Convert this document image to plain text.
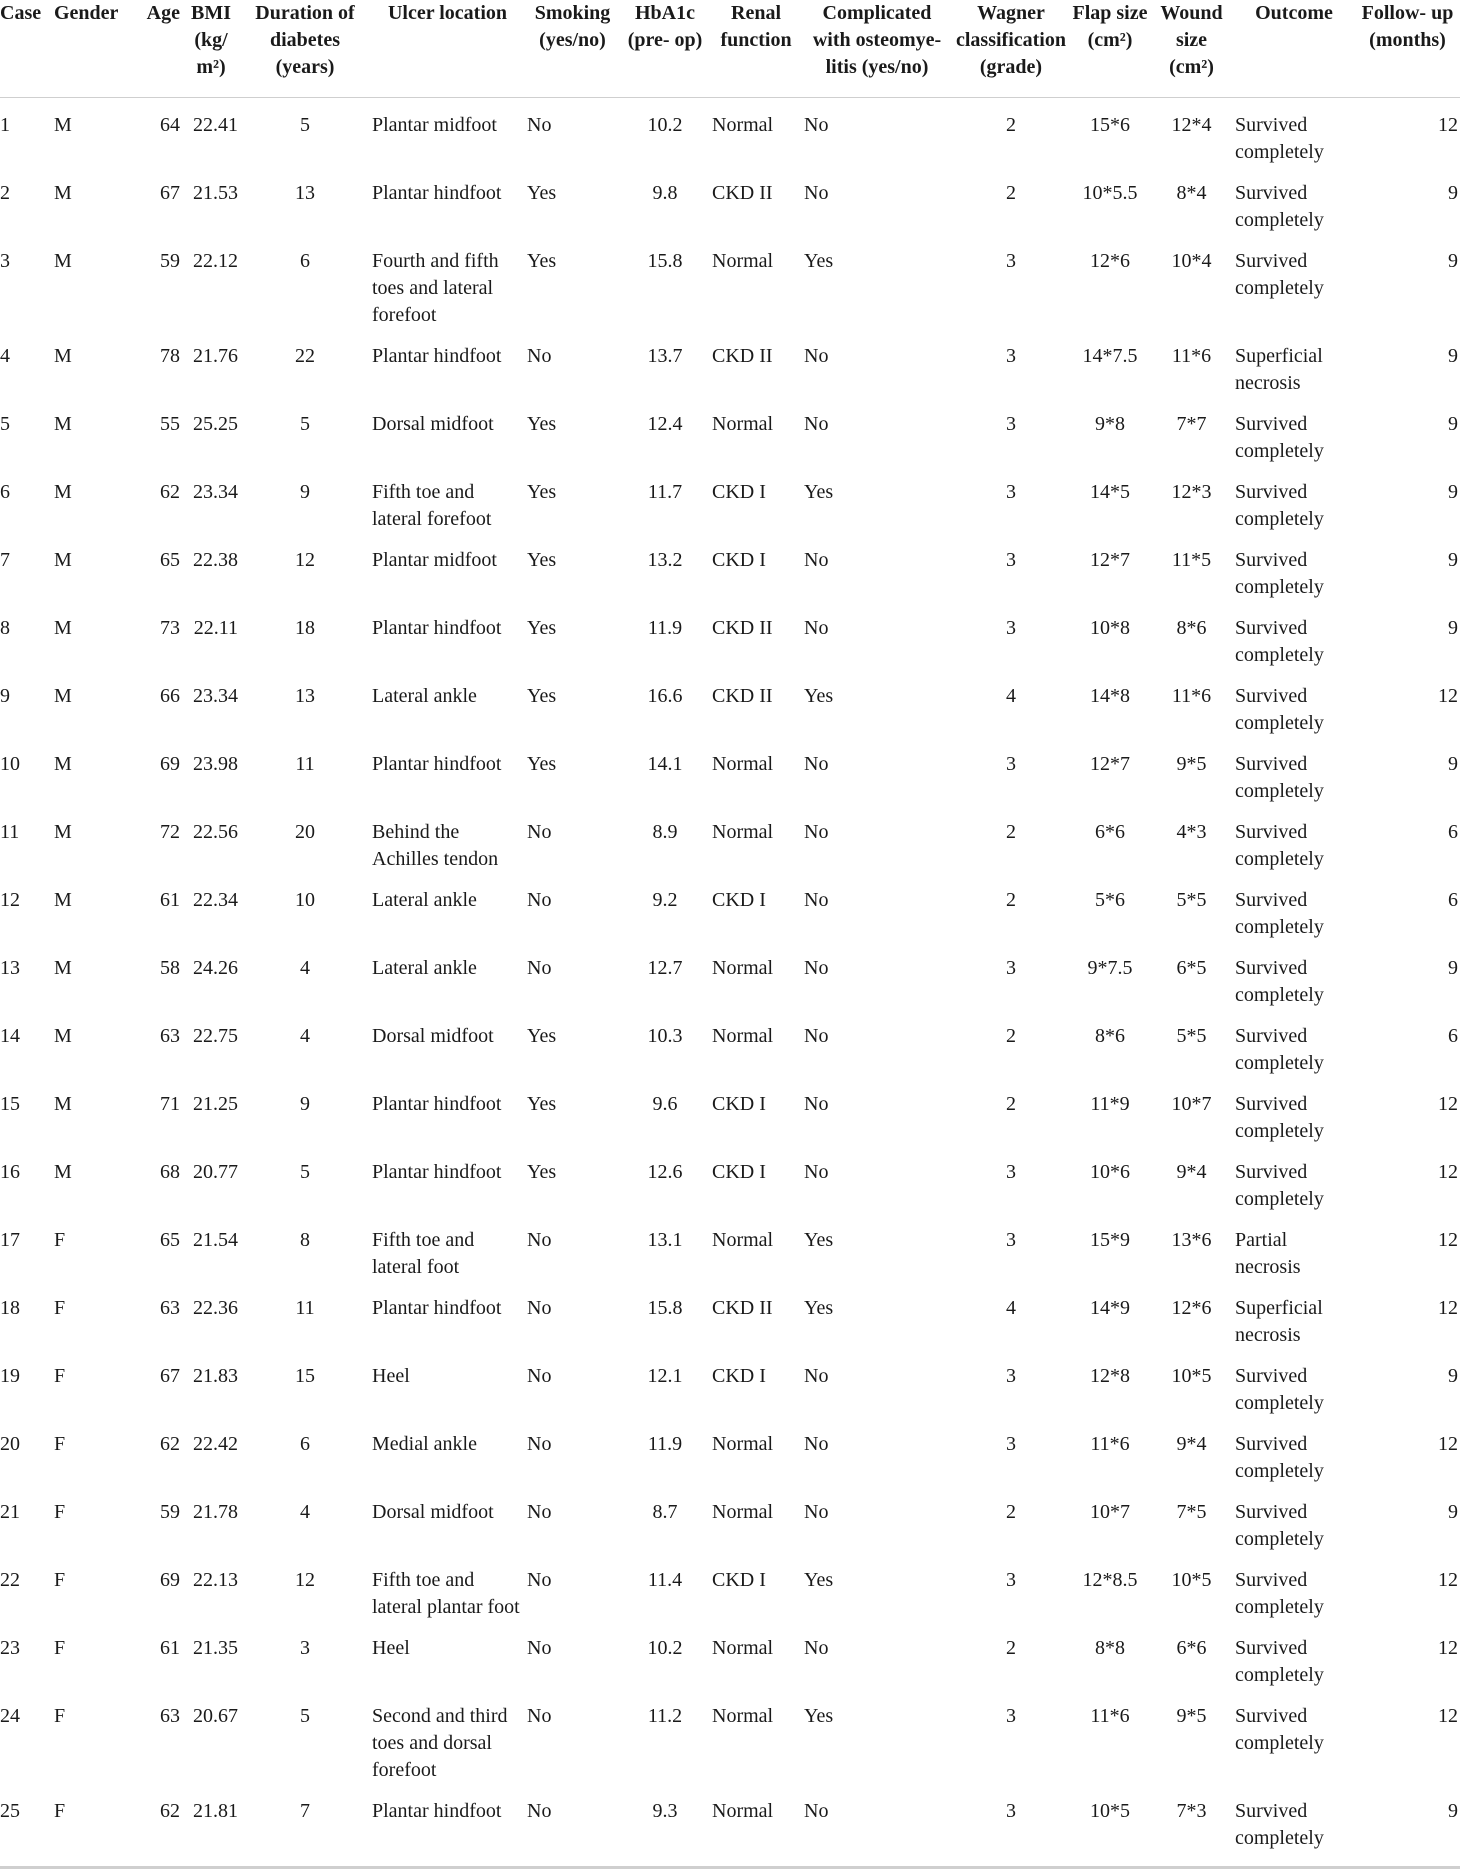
Case	Gender	Age	BMI (kg/ m²)	Duration of diabetes (years)	Ulcer location	Smoking (yes/no)	HbA1c (pre- op)	Renal function	Complicated with osteomye- litis (yes/no)	Wagner classification (grade)	Flap size (cm²)	Wound size (cm²)	Outcome	Follow- up (months)
1	M	64	22.41	5	Plantar midfoot	No	10.2	Normal	No	2	15*6	12*4	Survived completely	12
2	M	67	21.53	13	Plantar hindfoot	Yes	9.8	CKD II	No	2	10*5.5	8*4	Survived completely	9
3	M	59	22.12	6	Fourth and fifth toes and lateral forefoot	Yes	15.8	Normal	Yes	3	12*6	10*4	Survived completely	9
4	M	78	21.76	22	Plantar hindfoot	No	13.7	CKD II	No	3	14*7.5	11*6	Superficial necrosis	9
5	M	55	25.25	5	Dorsal midfoot	Yes	12.4	Normal	No	3	9*8	7*7	Survived completely	9
6	M	62	23.34	9	Fifth toe and lateral forefoot	Yes	11.7	CKD I	Yes	3	14*5	12*3	Survived completely	9
7	M	65	22.38	12	Plantar midfoot	Yes	13.2	CKD I	No	3	12*7	11*5	Survived completely	9
8	M	73	22.11	18	Plantar hindfoot	Yes	11.9	CKD II	No	3	10*8	8*6	Survived completely	9
9	M	66	23.34	13	Lateral ankle	Yes	16.6	CKD II	Yes	4	14*8	11*6	Survived completely	12
10	M	69	23.98	11	Plantar hindfoot	Yes	14.1	Normal	No	3	12*7	9*5	Survived completely	9
11	M	72	22.56	20	Behind the Achilles tendon	No	8.9	Normal	No	2	6*6	4*3	Survived completely	6
12	M	61	22.34	10	Lateral ankle	No	9.2	CKD I	No	2	5*6	5*5	Survived completely	6
13	M	58	24.26	4	Lateral ankle	No	12.7	Normal	No	3	9*7.5	6*5	Survived completely	9
14	M	63	22.75	4	Dorsal midfoot	Yes	10.3	Normal	No	2	8*6	5*5	Survived completely	6
15	M	71	21.25	9	Plantar hindfoot	Yes	9.6	CKD I	No	2	11*9	10*7	Survived completely	12
16	M	68	20.77	5	Plantar hindfoot	Yes	12.6	CKD I	No	3	10*6	9*4	Survived completely	12
17	F	65	21.54	8	Fifth toe and lateral foot	No	13.1	Normal	Yes	3	15*9	13*6	Partial necrosis	12
18	F	63	22.36	11	Plantar hindfoot	No	15.8	CKD II	Yes	4	14*9	12*6	Superficial necrosis	12
19	F	67	21.83	15	Heel	No	12.1	CKD I	No	3	12*8	10*5	Survived completely	9
20	F	62	22.42	6	Medial ankle	No	11.9	Normal	No	3	11*6	9*4	Survived completely	12
21	F	59	21.78	4	Dorsal midfoot	No	8.7	Normal	No	2	10*7	7*5	Survived completely	9
22	F	69	22.13	12	Fifth toe and lateral plantar foot	No	11.4	CKD I	Yes	3	12*8.5	10*5	Survived completely	12
23	F	61	21.35	3	Heel	No	10.2	Normal	No	2	8*8	6*6	Survived completely	12
24	F	63	20.67	5	Second and third toes and dorsal forefoot	No	11.2	Normal	Yes	3	11*6	9*5	Survived completely	12
25	F	62	21.81	7	Plantar hindfoot	No	9.3	Normal	No	3	10*5	7*3	Survived completely	9
